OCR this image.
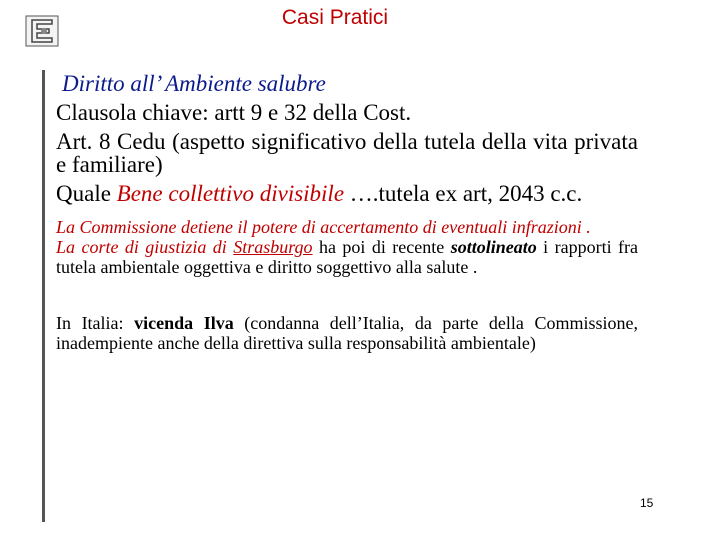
Casi Pratici
Diritto all’ Ambiente salubre
Clausola chiave: artt 9 e 32 della Cost.
Art. 8 Cedu (aspetto significativo della tutela della vita privata e familiare)
Quale Bene collettivo divisibile ….tutela ex art, 2043 c.c.
La Commissione detiene il potere di accertamento di eventuali infrazioni .
La corte di giustizia di Strasburgo ha poi di recente sottolineato i rapporti fra tutela ambientale oggettiva e diritto soggettivo alla salute .
In Italia: vicenda Ilva (condanna dell’Italia, da parte della Commissione, inadempiente anche della direttiva sulla responsabilità ambientale)
15
